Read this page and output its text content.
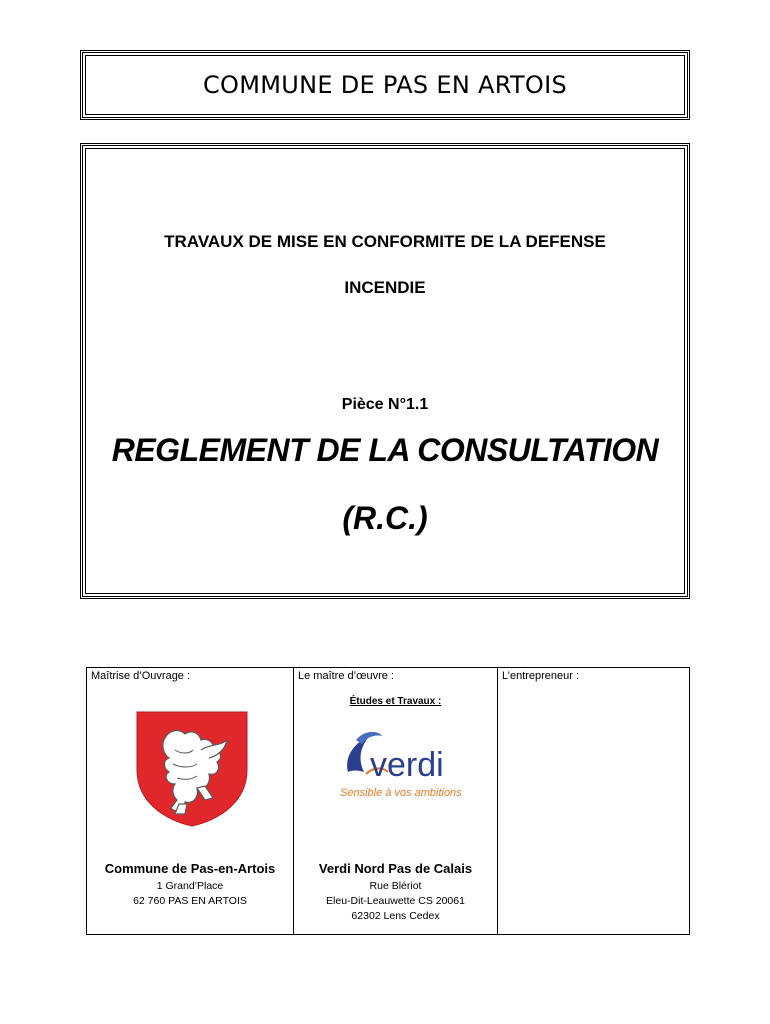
COMMUNE DE PAS EN ARTOIS
TRAVAUX DE MISE EN CONFORMITE DE LA DEFENSE
INCENDIE
Pièce N°1.1
REGLEMENT DE LA CONSULTATION
(R.C.)
Maîtrise d’Ouvrage :
Commune de Pas-en-Artois
1 Grand’Place
62 760 PAS EN ARTOIS
Le maître d’œuvre :
Études et Travaux :
verdi
Sensible à vos ambitions
Verdi Nord Pas de Calais
Rue Blériot
Eleu-Dit-Leauwette CS 20061
62302 Lens Cedex
L’entrepreneur :
